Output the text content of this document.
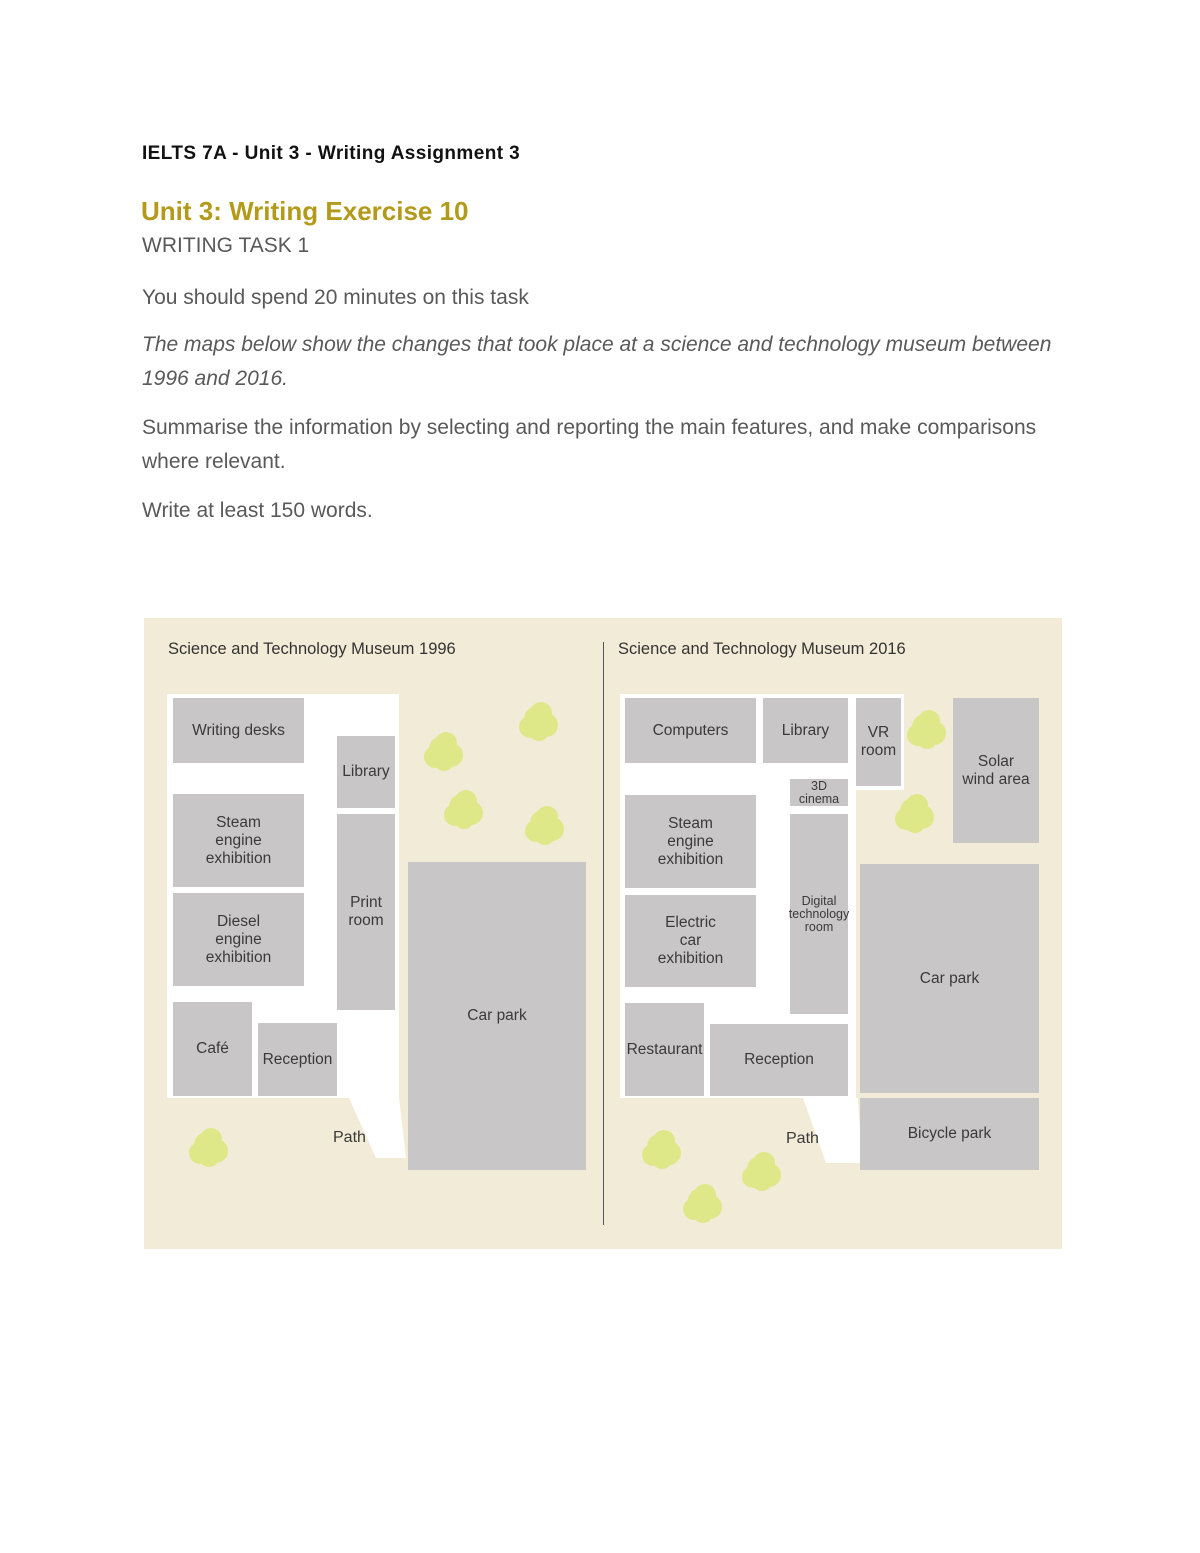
IELTS 7A - Unit 3 - Writing Assignment 3
Unit 3: Writing Exercise 10
WRITING TASK 1
You should spend 20 minutes on this task
The maps below show the changes that took place at a science and technology museum between 1996 and 2016.
Summarise the information by selecting and reporting the main features, and make comparisons where relevant.
Write at least 150 words.
Science and Technology Museum 1996
Writing desks
Library
Steam engine exhibition
Print room
Diesel engine exhibition
Car park
Café
Reception
Path
Science and Technology Museum 2016
Computers	Library	VR room
Solar wind area
3D cinema
Steam engine exhibition
Digital technology room
Electric car exhibition
Car park
Restaurant
Reception
Bicycle park
Path
